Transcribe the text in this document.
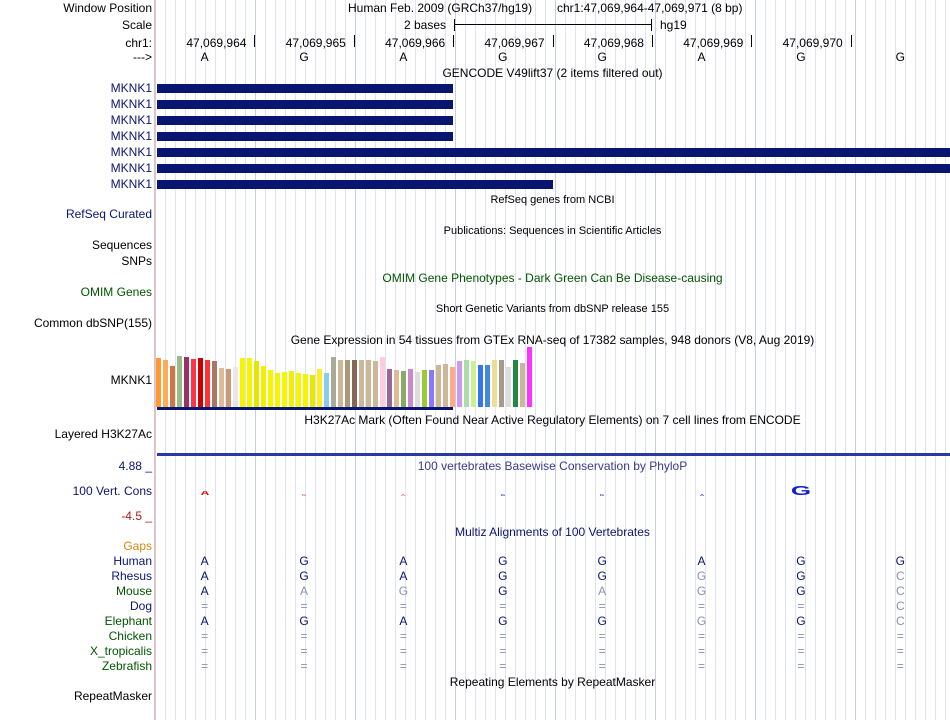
Window Position	Human Feb. 2009 (GRCh37/hg19) chr1:47,069,964-47,069,971 (8 bp)
Scale	2 bases	hg19
chr1:	47,069,964	47,069,965	47,069,966	47,069,967	47,069,968	47,069,969	47,069,970
--->	A	G	A	G	G	A	G	G
GENCODE V49lift37 (2 items filtered out)
MKNK1
MKNK1
MKNK1
MKNK1
MKNK1
MKNK1
MKNK1
RefSeq genes from NCBI
RefSeq Curated
Publications: Sequences in Scientific Articles
Sequences
SNPs
OMIM Gene Phenotypes - Dark Green Can Be Disease-causing
OMIM Genes
Short Genetic Variants from dbSNP release 155
Common dbSNP(155)
Gene Expression in 54 tissues from GTEx RNA-seq of 17382 samples, 948 donors (V8, Aug 2019)
MKNK1
H3K27Ac Mark (Often Found Near Active Regulatory Elements) on 7 cell lines from ENCODE
Layered H3K27Ac
4.88 _	100 vertebrates Basewise Conservation by PhyloP
100 Vert. Cons
-4.5 _
A	G	A	G	G	A	G
Multiz Alignments of 100 Vertebrates
Gaps
Human	A	G	A	G	G	A	G	G
Rhesus	A	G	A	G	G	G	G	C
Mouse	A	A	G	G	A	G	G	C
Dog	=	=	=	=	=	=	=	C
Elephant	A	G	A	G	G	G	G	C
Chicken	=	=	=	=	=	=	=	=
X_tropicalis	=	=	=	=	=	=	=	=
Zebrafish	=	=	=	=	=	=	=	=
Repeating Elements by RepeatMasker
RepeatMasker
